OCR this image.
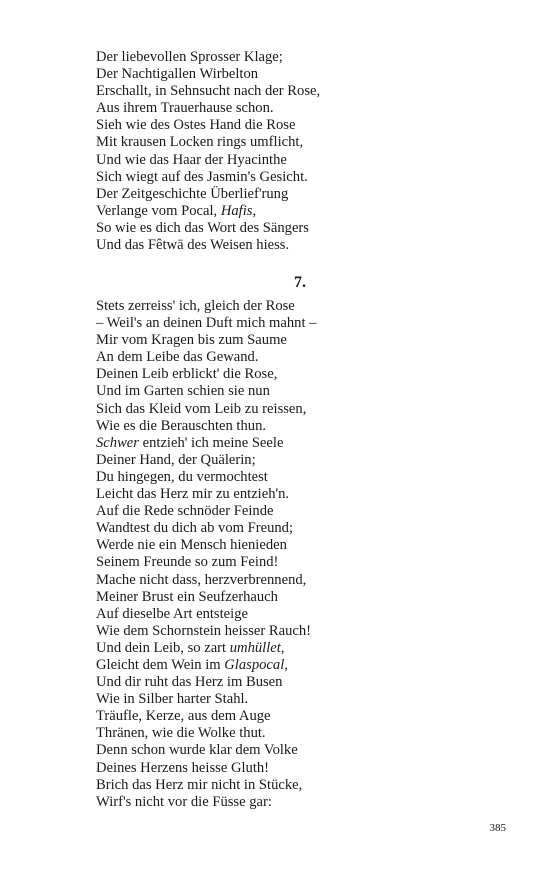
Der liebevollen Sprosser Klage;
Der Nachtigallen Wirbelton
Erschallt, in Sehnsucht nach der Rose,
Aus ihrem Trauerhause schon.
Sieh wie des Ostes Hand die Rose
Mit krausen Locken rings umflicht,
Und wie das Haar der Hyacinthe
Sich wiegt auf des Jasmin's Gesicht.
Der Zeitgeschichte Überlief'rung
Verlange vom Pocal, Hafis,
So wie es dich das Wort des Sängers
Und das Fêtwā des Weisen hiess.
7.
Stets zerreiss' ich, gleich der Rose
– Weil's an deinen Duft mich mahnt –
Mir vom Kragen bis zum Saume
An dem Leibe das Gewand.
Deinen Leib erblickt' die Rose,
Und im Garten schien sie nun
Sich das Kleid vom Leib zu reissen,
Wie es die Berauschten thun.
Schwer entzieh' ich meine Seele
Deiner Hand, der Quälerin;
Du hingegen, du vermochtest
Leicht das Herz mir zu entzieh'n.
Auf die Rede schnöder Feinde
Wandtest du dich ab vom Freund;
Werde nie ein Mensch hienieden
Seinem Freunde so zum Feind!
Mache nicht dass, herzverbrennend,
Meiner Brust ein Seufzerhauch
Auf dieselbe Art entsteige
Wie dem Schornstein heisser Rauch!
Und dein Leib, so zart umhüllet,
Gleicht dem Wein im Glaspocal,
Und dir ruht das Herz im Busen
Wie in Silber harter Stahl.
Träufle, Kerze, aus dem Auge
Thränen, wie die Wolke thut.
Denn schon wurde klar dem Volke
Deines Herzens heisse Gluth!
Brich das Herz mir nicht in Stücke,
Wirf's nicht vor die Füsse gar:
385
